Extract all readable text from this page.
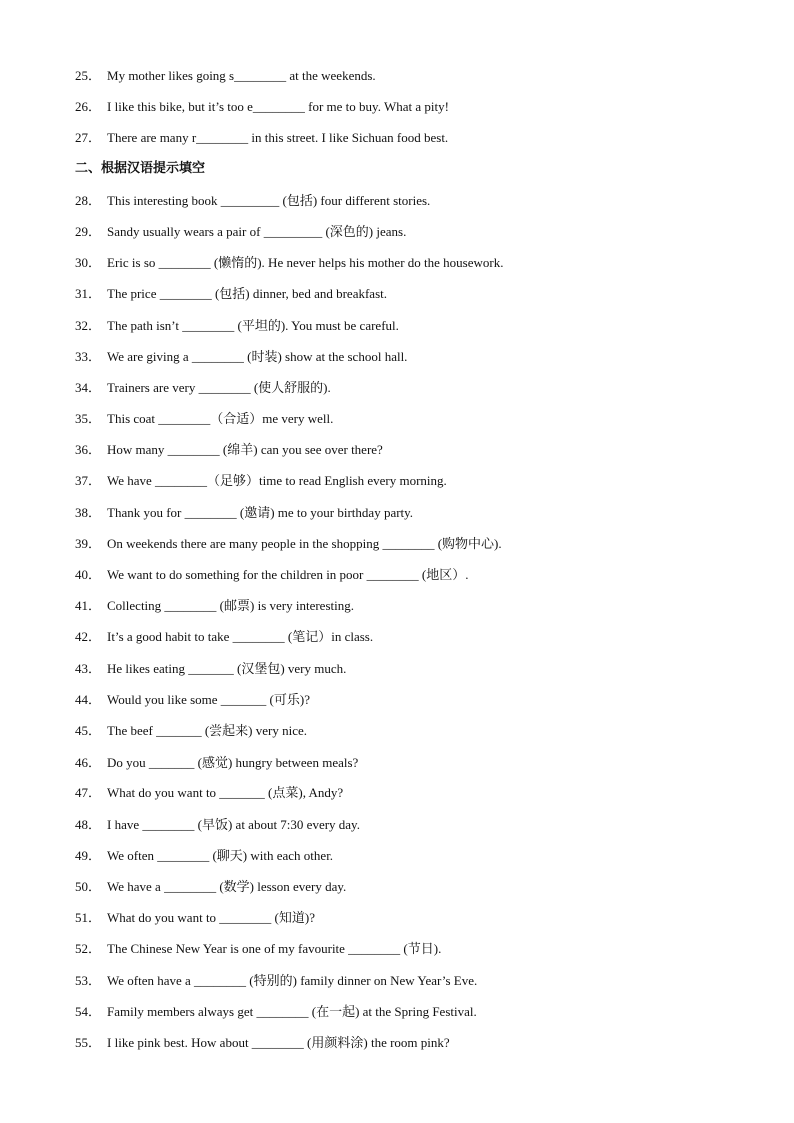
25． My mother likes going s________ at the weekends.
26． I like this bike, but it’s too e________ for me to buy. What a pity!
27． There are many r________ in this street. I like Sichuan food best.
二、根据汉语提示填空
28． This interesting book _________ (包括) four different stories.
29． Sandy usually wears a pair of _________ (深色的) jeans.
30． Eric is so ________ (懒惰的). He never helps his mother do the housework.
31． The price ________ (包括) dinner, bed and breakfast.
32． The path isn’t ________ (平坦的). You must be careful.
33． We are giving a ________ (时装) show at the school hall.
34． Trainers are very ________ (使人舒服的).
35． This coat ________（合适）me very well.
36． How many ________ (绵羊) can you see over there?
37． We have ________（足够）time to read English every morning.
38． Thank you for ________ (邀请) me to your birthday party.
39． On weekends there are many people in the shopping ________ (购物中心).
40． We want to do something for the children in poor ________ (地区）.
41． Collecting ________ (邮票) is very interesting.
42． It’s a good habit to take ________ (笔记）in class.
43． He likes eating _______ (汉堡包) very much.
44． Would you like some _______ (可乐)?
45． The beef _______ (尝起来) very nice.
46． Do you _______ (感觉) hungry between meals?
47． What do you want to _______ (点菜), Andy?
48． I have ________ (早饭) at about 7:30 every day.
49． We often ________ (聊天) with each other.
50． We have a ________ (数学) lesson every day.
51． What do you want to ________ (知道)?
52． The Chinese New Year is one of my favourite ________ (节日).
53． We often have a ________ (特别的) family dinner on New Year’s Eve.
54． Family members always get ________ (在一起) at the Spring Festival.
55． I like pink best. How about ________ (用颜料涂) the room pink?
